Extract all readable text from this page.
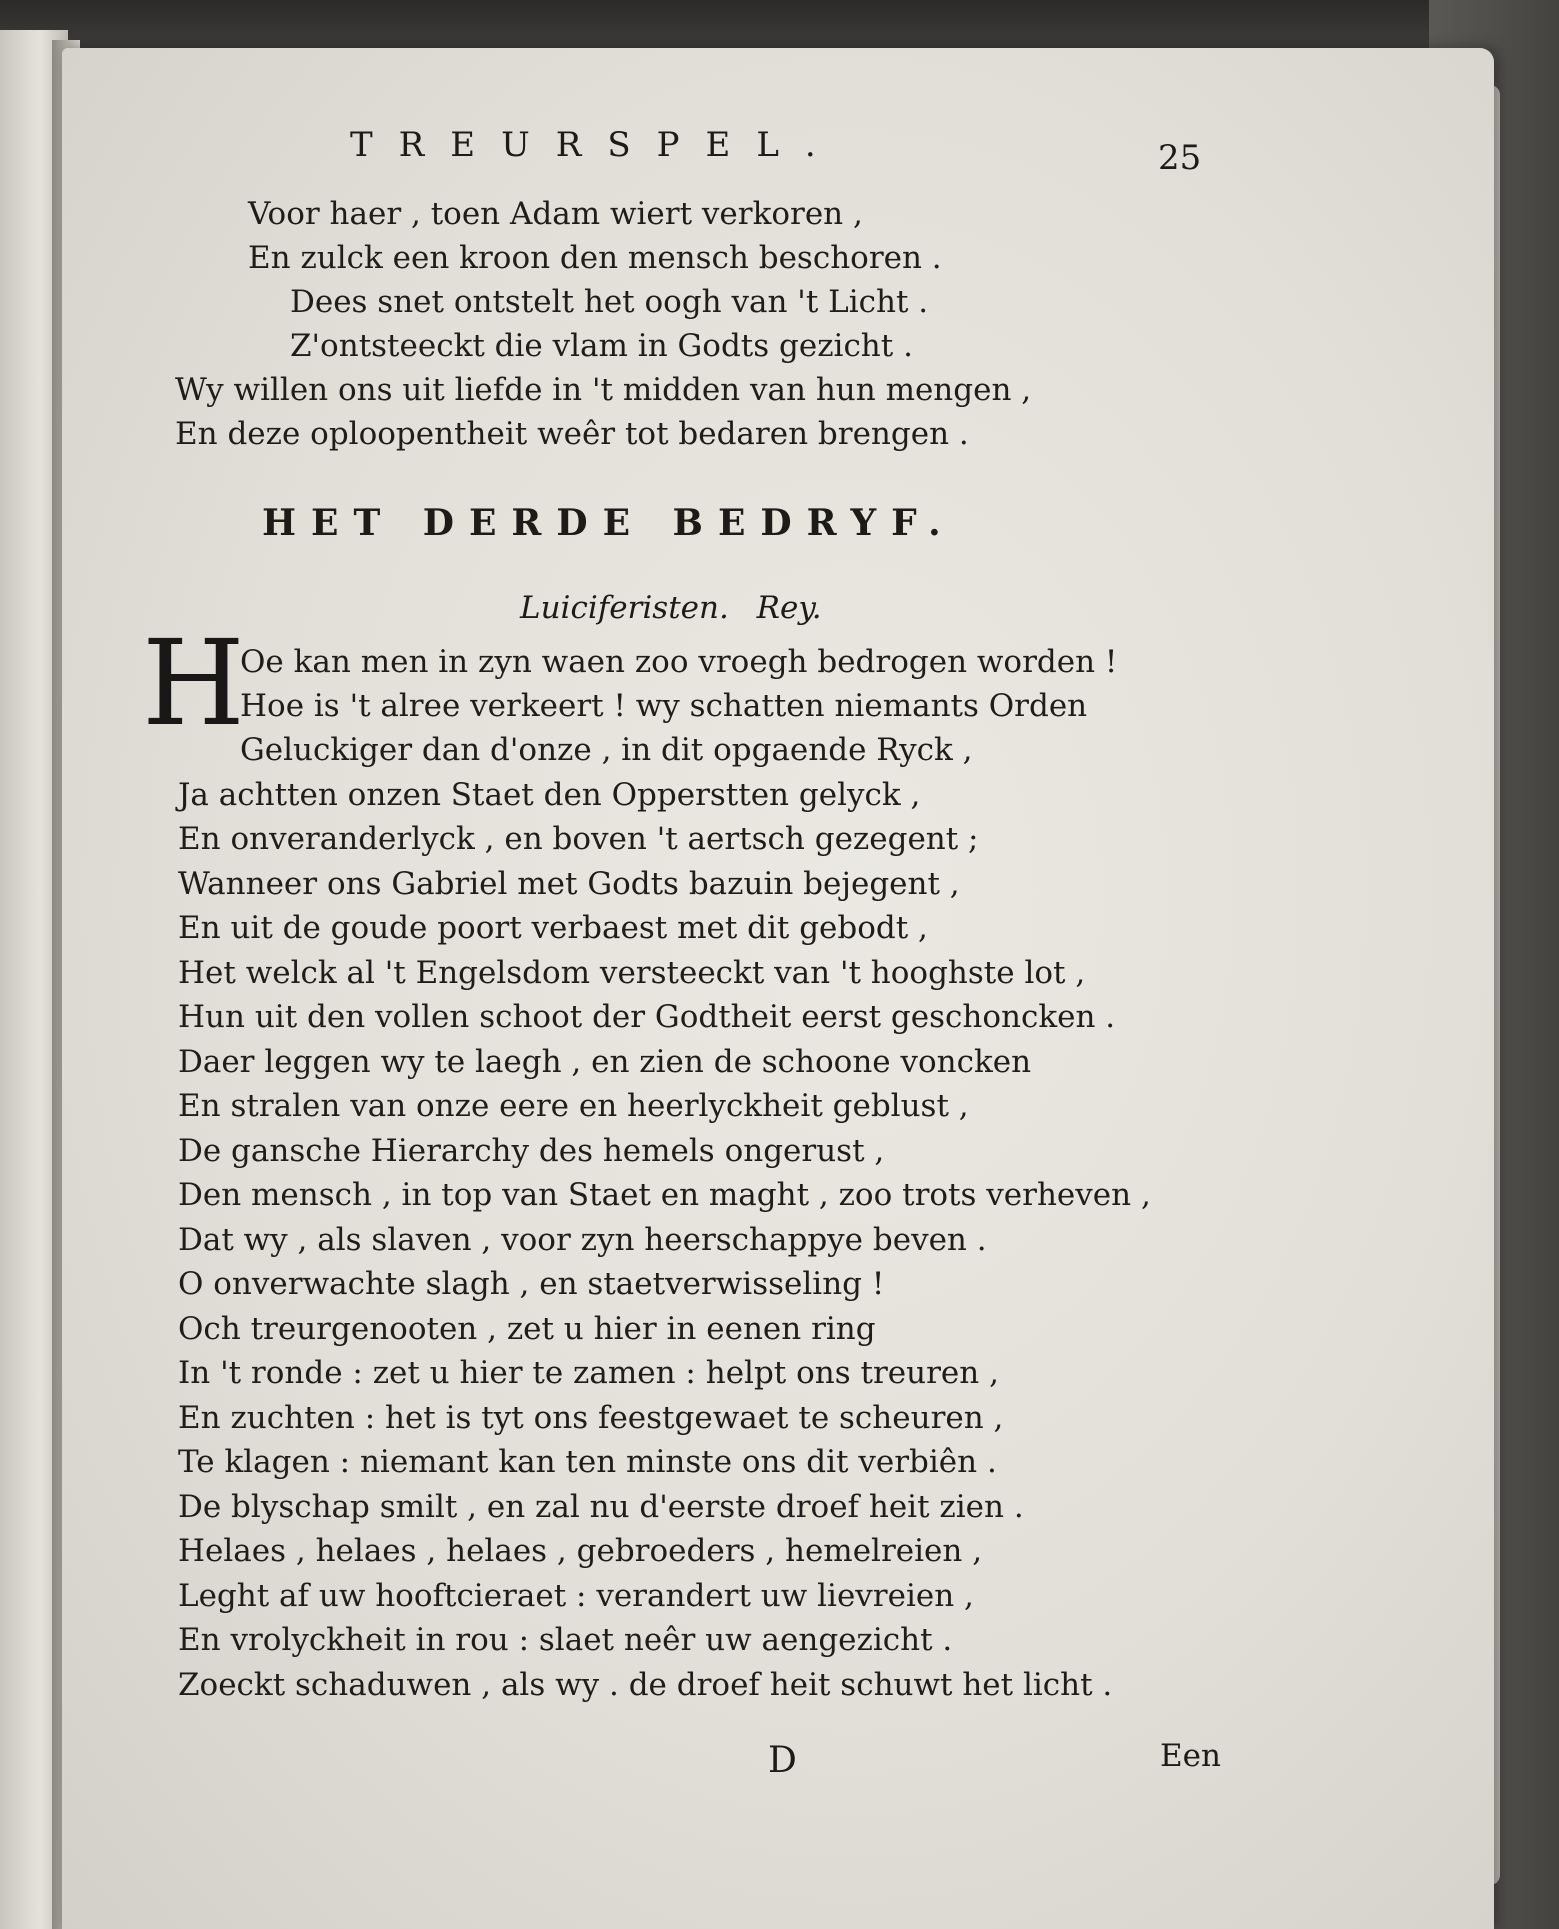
TREURSPEL.	25
Voor haer , toen Adam wiert verkoren ,
En zulck een kroon den mensch beschoren .
Dees snet ontstelt het oogh van 't Licht .
Z'ontsteeckt die vlam in Godts gezicht .
Wy willen ons uit liefde in 't midden van hun mengen ,
En deze oploopentheit weêr tot bedaren brengen .
HET DERDE BEDRYF.
Luiciferisten. Rey.
H
Oe kan men in zyn waen zoo vroegh bedrogen worden !
Hoe is 't alree verkeert ! wy schatten niemants Orden
Geluckiger dan d'onze , in dit opgaende Ryck ,
Ja achtten onzen Staet den Opperstten gelyck ,
En onveranderlyck , en boven 't aertsch gezegent ;
Wanneer ons Gabriel met Godts bazuin bejegent ,
En uit de goude poort verbaest met dit gebodt ,
Het welck al 't Engelsdom versteeckt van 't hooghste lot ,
Hun uit den vollen schoot der Godtheit eerst geschoncken .
Daer leggen wy te laegh , en zien de schoone voncken
En stralen van onze eere en heerlyckheit geblust ,
De gansche Hierarchy des hemels ongerust ,
Den mensch , in top van Staet en maght , zoo trots verheven ,
Dat wy , als slaven , voor zyn heerschappye beven .
O onverwachte slagh , en staetverwisseling !
Och treurgenooten , zet u hier in eenen ring
In 't ronde : zet u hier te zamen : helpt ons treuren ,
En zuchten : het is tyt ons feestgewaet te scheuren ,
Te klagen : niemant kan ten minste ons dit verbiên .
De blyschap smilt , en zal nu d'eerste droef heit zien .
Helaes , helaes , helaes , gebroeders , hemelreien ,
Leght af uw hooftcieraet : verandert uw lievreien ,
En vrolyckheit in rou : slaet neêr uw aengezicht .
Zoeckt schaduwen , als wy . de droef heit schuwt het licht .
D	Een
